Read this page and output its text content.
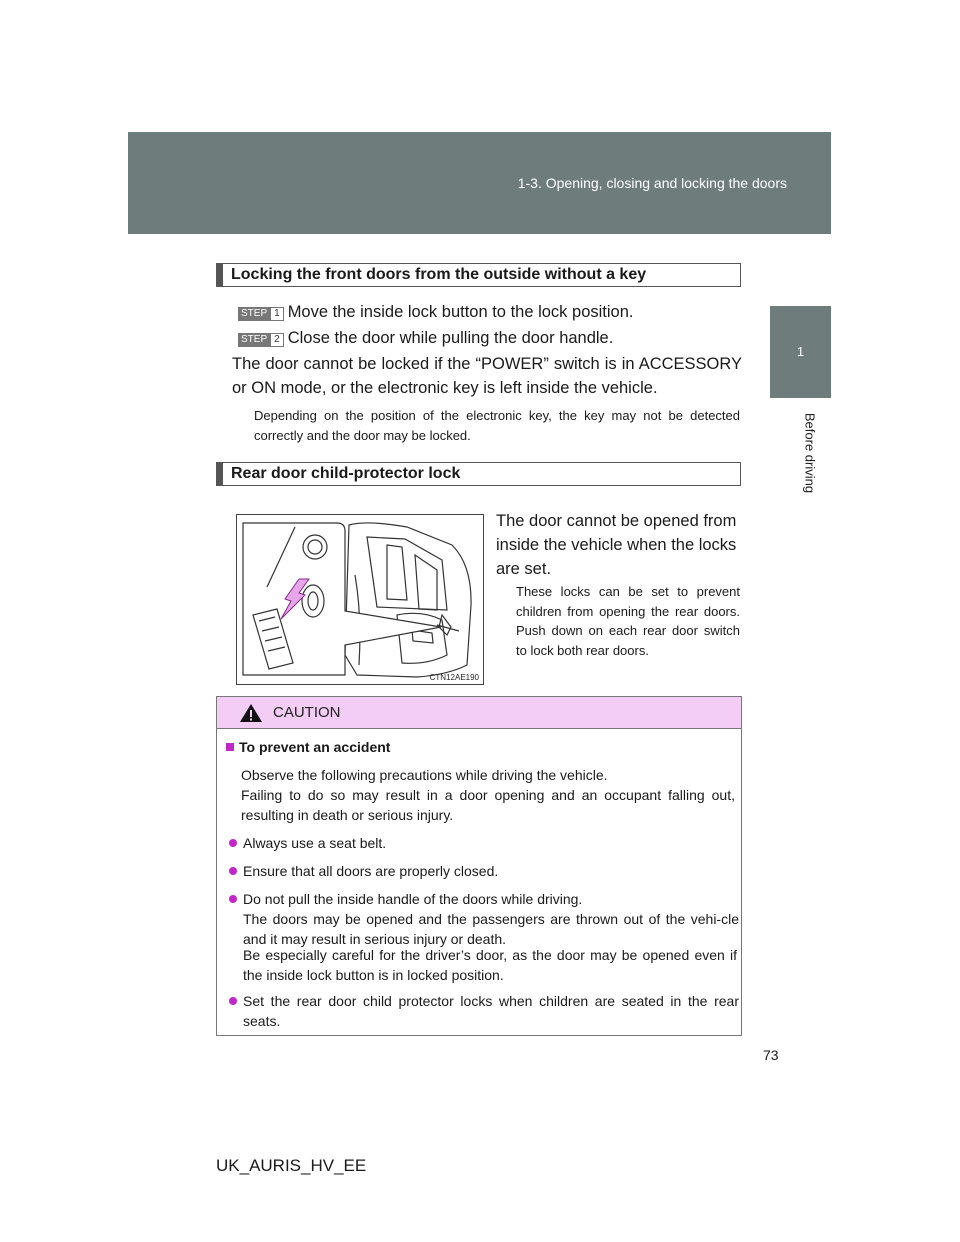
1-3. Opening, closing and locking the doors
1
Before driving
Locking the front doors from the outside without a key
STEP 1 Move the inside lock button to the lock position.
STEP 2 Close the door while pulling the door handle.
The door cannot be locked if the “POWER” switch is in ACCESSORY or ON mode, or the electronic key is left inside the vehicle.
Depending on the position of the electronic key, the key may not be detected correctly and the door may be locked.
Rear door child-protector lock
CTN12AE190
The door cannot be opened from inside the vehicle when the locks are set.
These locks can be set to prevent children from opening the rear doors. Push down on each rear door switch to lock both rear doors.
CAUTION
To prevent an accident
Observe the following precautions while driving the vehicle.
Failing to do so may result in a door opening and an occupant falling out, resulting in death or serious injury.
Always use a seat belt.
Ensure that all doors are properly closed.
Do not pull the inside handle of the doors while driving.
The doors may be opened and the passengers are thrown out of the vehi-cle and it may result in serious injury or death.
Be especially careful for the driver’s door, as the door may be opened even if the inside lock button is in locked position.
Set the rear door child protector locks when children are seated in the rear seats.
73
UK_AURIS_HV_EE
